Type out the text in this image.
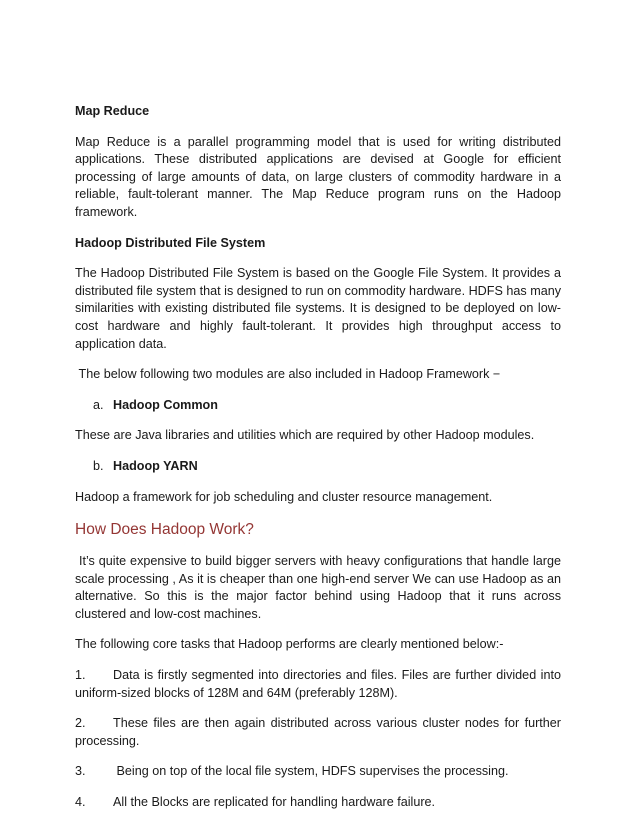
Map Reduce

Map Reduce is a parallel programming model that is used for writing distributed applications. These distributed applications are devised at Google for efficient processing of large amounts of data, on large clusters of commodity hardware in a reliable, fault-tolerant manner. The Map Reduce program runs on the Hadoop framework.

Hadoop Distributed File System

The Hadoop Distributed File System is based on the Google File System. It provides a distributed file system that is designed to run on commodity hardware. HDFS has many similarities with existing distributed file systems. It is designed to be deployed on low-cost hardware and highly fault-tolerant. It provides high throughput access to application data.

The below following two modules are also included in Hadoop Framework −

a. Hadoop Common

These are Java libraries and utilities which are required by other Hadoop modules.

b. Hadoop YARN

Hadoop a framework for job scheduling and cluster resource management.

How Does Hadoop Work?

It’s quite expensive to build bigger servers with heavy configurations that handle large scale processing , As it is cheaper than one high-end server We can use Hadoop as an alternative. So this is the major factor behind using Hadoop that it runs across clustered and low-cost machines.

The following core tasks that Hadoop performs are clearly mentioned below:-

1. Data is firstly segmented into directories and files. Files are further divided into uniform-sized blocks of 128M and 64M (preferably 128M).

2. These files are then again distributed across various cluster nodes for further processing.

3. Being on top of the local file system, HDFS supervises the processing.

4. All the Blocks are replicated for handling hardware failure.
